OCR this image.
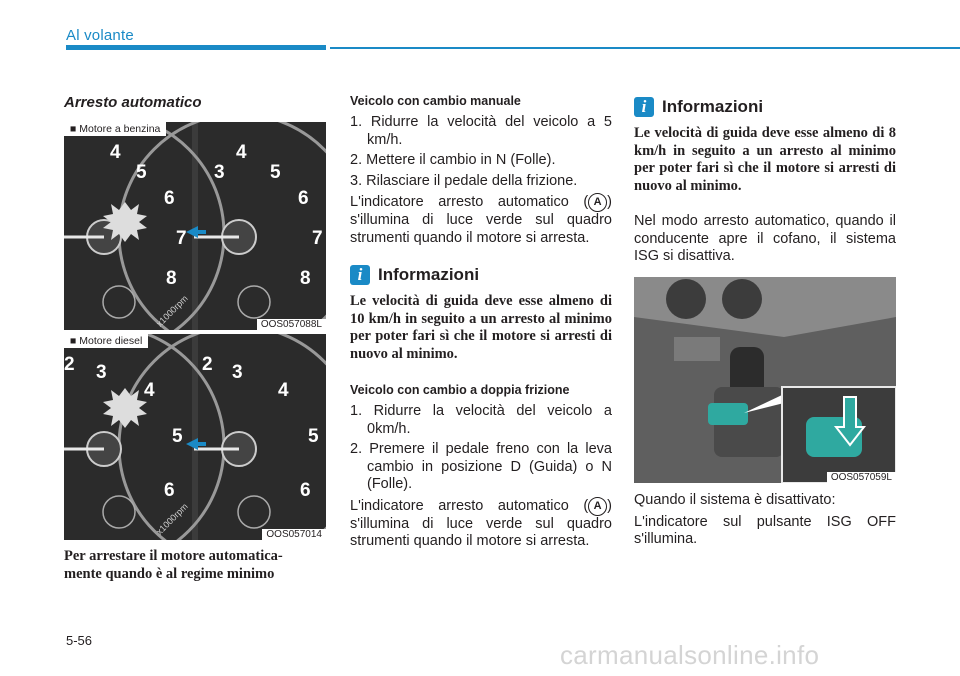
Al volante
Arresto automatico
4
5
6
7
8
3
4
5
6
7
8
x1000rpm
■ Motore a benzina
OOS057088L
3
4
5
6
2	3
4
5
6
2
x1000rpm
■ Motore diesel
OOS057014
Per arrestare il motore automatica-
mente quando è al regime minimo
Veicolo con cambio manuale
1. Ridurre la velocità del veicolo a 5 km/h.
2. Mettere il cambio in N (Folle).
3. Rilasciare il pedale della frizione.
L'indicatore arresto automatico ( A ) s'illumina di luce verde sul quadro strumenti quando il motore si arresta.
i Informazioni
Le velocità di guida deve esse almeno di 10 km/h in seguito a un arresto al minimo per poter fari sì che il motore si arresti di nuovo al minimo.
Veicolo con cambio a doppia frizione
1. Ridurre la velocità del veicolo a 0km/h.
2. Premere il pedale freno con la leva cambio in posizione D (Guida) o N (Folle).
L'indicatore arresto automatico ( A ) s'illumina di luce verde sul quadro strumenti quando il motore si arresta.
i Informazioni
Le velocità di guida deve esse almeno di 8 km/h in seguito a un arresto al minimo per poter fari sì che il motore si arresti di nuovo al minimo.
Nel modo arresto automatico, quando il conducente apre il cofano, il sistema ISG si disattiva.
OOS057059L
Quando il sistema è disattivato:
L'indicatore sul pulsante ISG OFF s'illumina.
5-56	carmanualsonline.info
